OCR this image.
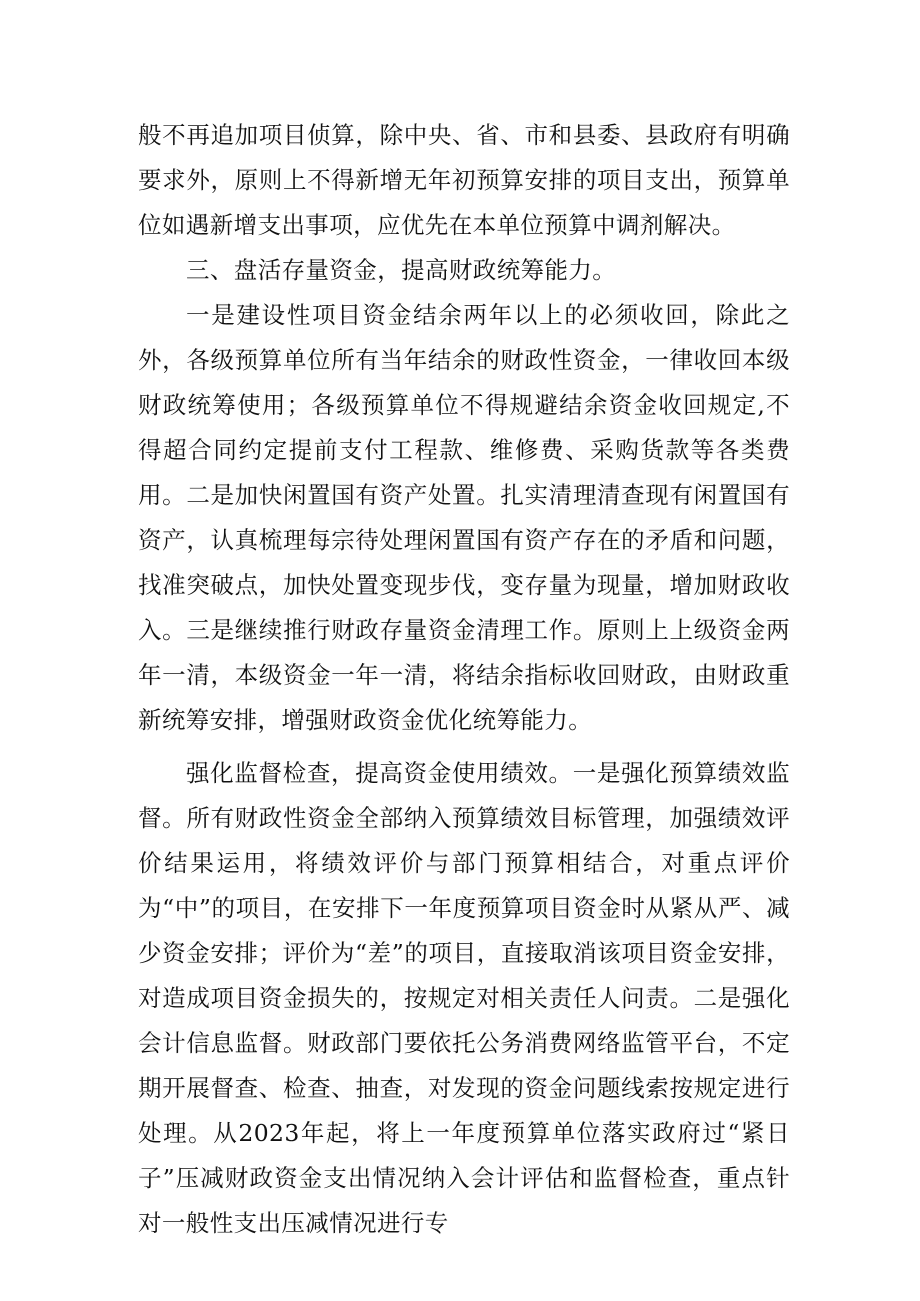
般不再追加项目侦算，除中央、省、市和县委、县政府有明确要求外，原则上不得新增无年初预算安排的项目支出，预算单位如遇新增支出事项，应优先在本单位预算中调剂解决。

三、盘活存量资金，提高财政统筹能力。

一是建设性项目资金结余两年以上的必须收回，除此之外，各级预算单位所有当年结余的财政性资金，一律收回本级财政统筹使用；各级预算单位不得规避结余资金收回规定,不得超合同约定提前支付工程款、维修费、采购货款等各类费用。二是加快闲置国有资产处置。扎实清理清查现有闲置国有资产，认真梳理每宗待处理闲置国有资产存在的矛盾和问题，找准突破点，加快处置变现步伐，变存量为现量，增加财政收入。三是继续推行财政存量资金清理工作。原则上上级资金两年一清，本级资金一年一清，将结余指标收回财政，由财政重新统筹安排，增强财政资金优化统筹能力。

强化监督检查，提高资金使用绩效。一是强化预算绩效监督。所有财政性资金全部纳入预算绩效目标管理，加强绩效评价结果运用，将绩效评价与部门预算相结合，对重点评价为“中”的项目，在安排下一年度预算项目资金时从紧从严、减少资金安排；评价为“差”的项目，直接取消该项目资金安排，对造成项目资金损失的，按规定对相关责任人问责。二是强化会计信息监督。财政部门要依托公务消费网络监管平台，不定期开展督查、检查、抽查，对发现的资金问题线索按规定进行处理。从2023年起，将上一年度预算单位落实政府过“紧日子”压减财政资金支出情况纳入会计评估和监督检查，重点针对一般性支出压减情况进行专
